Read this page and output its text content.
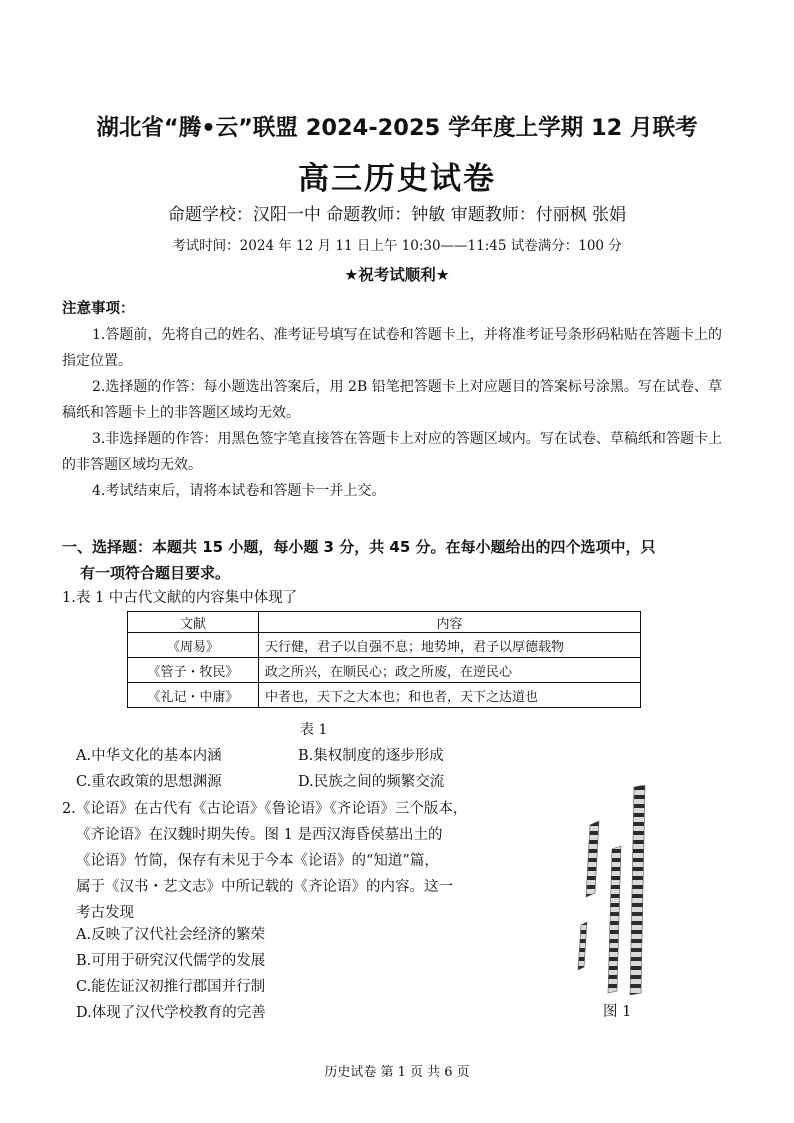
湖北省“腾•云”联盟 2024-2025 学年度上学期 12 月联考
高三历史试卷
命题学校：汉阳一中 命题教师：钟敏 审题教师：付丽枫 张娟
考试时间：2024 年 12 月 11 日上午 10:30——11:45 试卷满分：100 分
★祝考试顺利★
注意事项：
1.答题前，先将自己的姓名、准考证号填写在试卷和答题卡上，并将准考证号条形码粘贴在答题卡上的指定位置。
2.选择题的作答：每小题选出答案后，用 2B 铅笔把答题卡上对应题目的答案标号涂黑。写在试卷、草稿纸和答题卡上的非答题区域均无效。
3.非选择题的作答：用黑色签字笔直接答在答题卡上对应的答题区域内。写在试卷、草稿纸和答题卡上的非答题区域均无效。
4.考试结束后，请将本试卷和答题卡一并上交。
一、选择题：本题共 15 小题，每小题 3 分，共 45 分。在每小题给出的四个选项中，只
有一项符合题目要求。
1.表 1 中古代文献的内容集中体现了
文献	内容
《周易》	天行健，君子以自强不息；地势坤，君子以厚德载物
《管子・牧民》	政之所兴，在顺民心；政之所废，在逆民心
《礼记・中庸》	中者也，天下之大本也；和也者，天下之达道也
表 1
A.中华文化的基本内涵	B.集权制度的逐步形成
C.重农政策的思想渊源	D.民族之间的频繁交流
2.《论语》在古代有《古论语》《鲁论语》《齐论语》三个版本，
《齐论语》在汉魏时期失传。图 1 是西汉海昏侯墓出土的
《论语》竹简，保存有未见于今本《论语》的“知道”篇，
属于《汉书・艺文志》中所记载的《齐论语》的内容。这一
考古发现
A.反映了汉代社会经济的繁荣
B.可用于研究汉代儒学的发展
C.能佐证汉初推行郡国并行制
D.体现了汉代学校教育的完善	图 1
历史试卷 第 1 页 共 6 页
